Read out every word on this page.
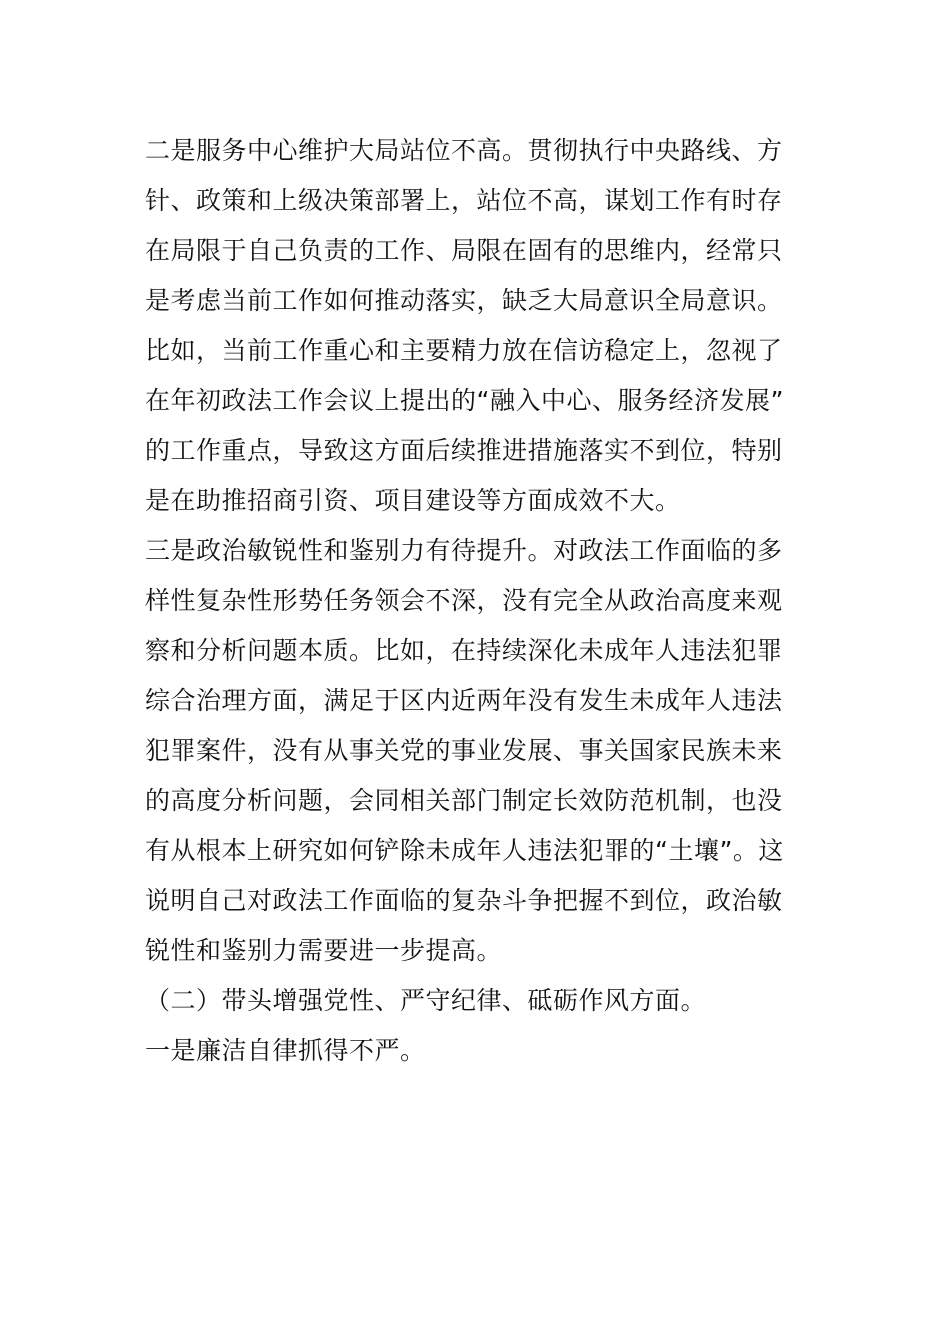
二是服务中心维护大局站位不高。贯彻执行中央路线、方
针、政策和上级决策部署上，站位不高，谋划工作有时存
在局限于自己负责的工作、局限在固有的思维内，经常只
是考虑当前工作如何推动落实，缺乏大局意识全局意识。
比如，当前工作重心和主要精力放在信访稳定上，忽视了
在年初政法工作会议上提出的“融入中心、服务经济发展”
的工作重点，导致这方面后续推进措施落实不到位，特别
是在助推招商引资、项目建设等方面成效不大。
三是政治敏锐性和鉴别力有待提升。对政法工作面临的多
样性复杂性形势任务领会不深，没有完全从政治高度来观
察和分析问题本质。比如，在持续深化未成年人违法犯罪
综合治理方面，满足于区内近两年没有发生未成年人违法
犯罪案件，没有从事关党的事业发展、事关国家民族未来
的高度分析问题，会同相关部门制定长效防范机制，也没
有从根本上研究如何铲除未成年人违法犯罪的“土壤”。这
说明自己对政法工作面临的复杂斗争把握不到位，政治敏
锐性和鉴别力需要进一步提高。
（二）带头增强党性、严守纪律、砥砺作风方面。
一是廉洁自律抓得不严。
